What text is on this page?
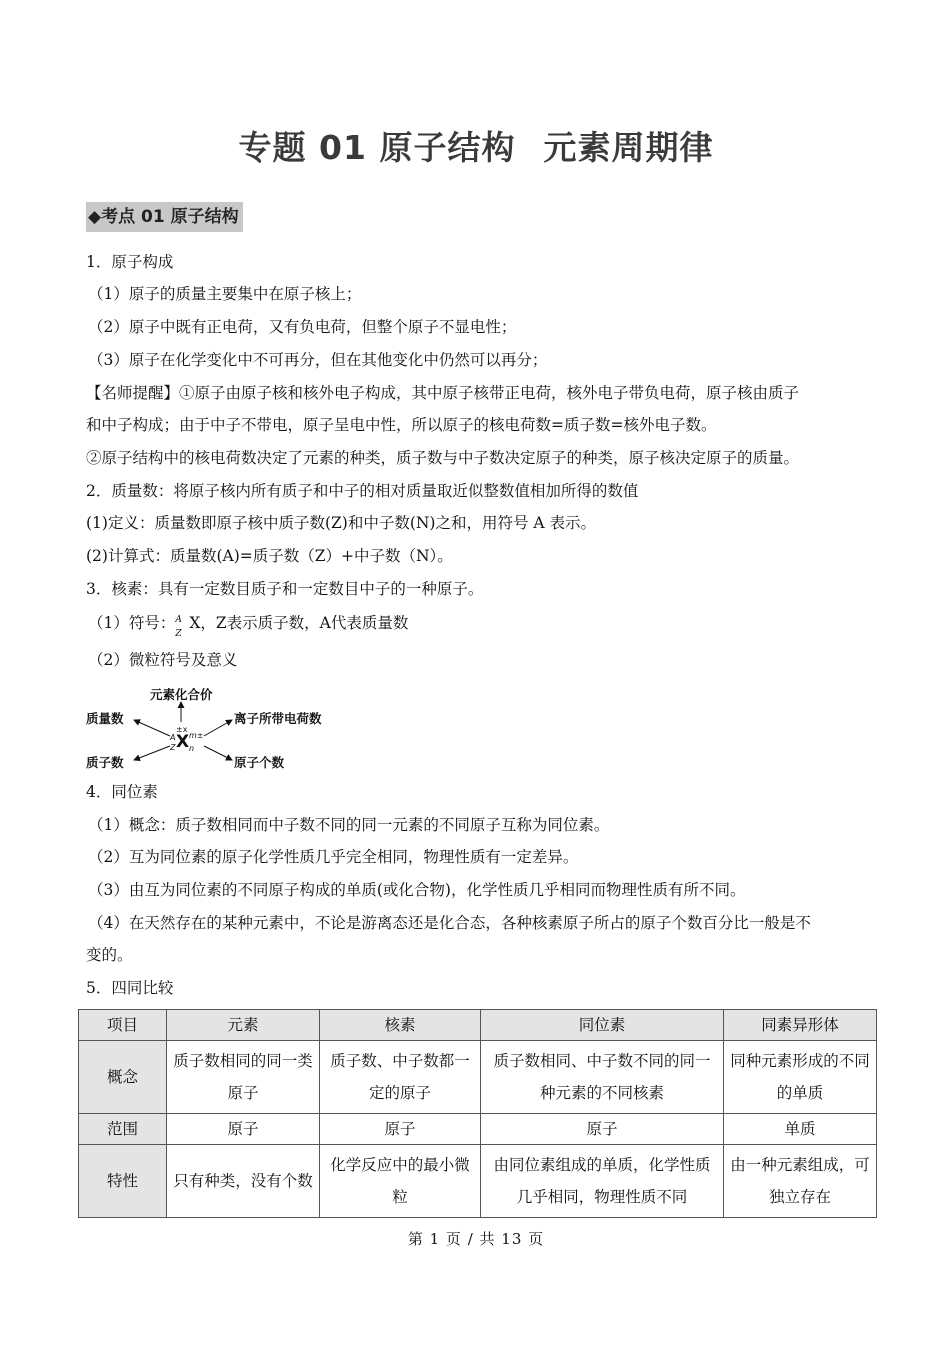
专题 01 原子结构 元素周期律
◆考点 01 原子结构
1．原子构成
（1）原子的质量主要集中在原子核上；
（2）原子中既有正电荷，又有负电荷，但整个原子不显电性；
（3）原子在化学变化中不可再分，但在其他变化中仍然可以再分；
【名师提醒】①原子由原子核和核外电子构成，其中原子核带正电荷，核外电子带负电荷，原子核由质子
和中子构成；由于中子不带电，原子呈电中性，所以原子的核电荷数=质子数=核外电子数。
②原子结构中的核电荷数决定了元素的种类，质子数与中子数决定原子的种类，原子核决定原子的质量。
2．质量数：将原子核内所有质子和中子的相对质量取近似整数值相加所得的数值
(1)定义：质量数即原子核中质子数(Z)和中子数(N)之和，用符号 A 表示。
(2)计算式：质量数(A)=质子数（Z）+中子数（N）。
3．核素：具有一定数目质子和一定数目中子的一种原子。
（1）符号： A
Z
X，Z表示质子数，A代表质量数
（2）微粒符号及意义
元素化合价
质量数	离子所带电荷数
质子数	原子个数
±x
A
Z X m±
n
4．同位素
（1）概念：质子数相同而中子数不同的同一元素的不同原子互称为同位素。
（2）互为同位素的原子化学性质几乎完全相同，物理性质有一定差异。
（3）由互为同位素的不同原子构成的单质(或化合物)，化学性质几乎相同而物理性质有所不同。
（4）在天然存在的某种元素中，不论是游离态还是化合态，各种核素原子所占的原子个数百分比一般是不
变的。
5．四同比较
项目	元素	核素	同位素	同素异形体
概念	质子数相同的同一类原子	质子数、中子数都一定的原子	质子数相同、中子数不同的同一种元素的不同核素	同种元素形成的不同的单质
范围	原子	原子	原子	单质
特性	只有种类，没有个数	化学反应中的最小微粒	由同位素组成的单质，化学性质几乎相同，物理性质不同	由一种元素组成，可独立存在
第 1 页 / 共 13 页
